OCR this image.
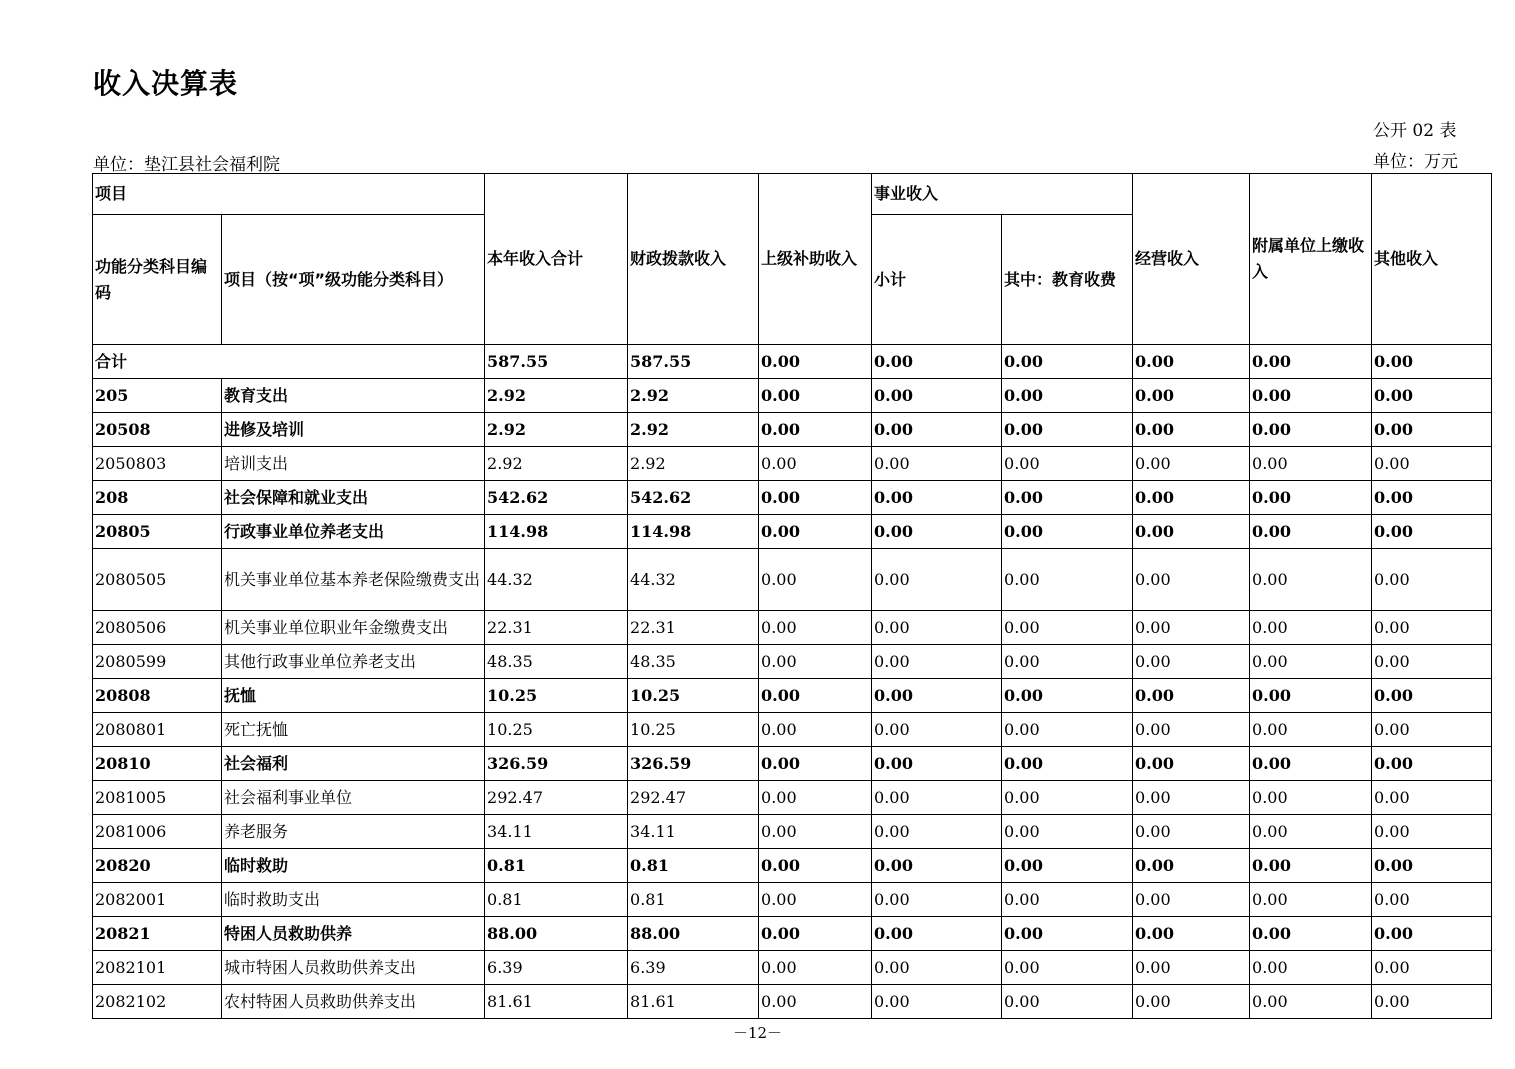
收入决算表
公开 02 表
单位：垫江县社会福利院	单位：万元
项目		本年收入合计	财政拨款收入	上级补助收入	事业收入		经营收入	附属单位上缴收入	其他收入
功能分类科目编码	项目（按“项”级功能分类科目）				小计	其中：教育收费			
合计		587.55	587.55	0.00	0.00	0.00	0.00	0.00	0.00
205	教育支出	2.92	2.92	0.00	0.00	0.00	0.00	0.00	0.00
20508	进修及培训	2.92	2.92	0.00	0.00	0.00	0.00	0.00	0.00
2050803	培训支出	2.92	2.92	0.00	0.00	0.00	0.00	0.00	0.00
208	社会保障和就业支出	542.62	542.62	0.00	0.00	0.00	0.00	0.00	0.00
20805	行政事业单位养老支出	114.98	114.98	0.00	0.00	0.00	0.00	0.00	0.00
2080505	机关事业单位基本养老保险缴费支出	44.32	44.32	0.00	0.00	0.00	0.00	0.00	0.00
2080506	机关事业单位职业年金缴费支出	22.31	22.31	0.00	0.00	0.00	0.00	0.00	0.00
2080599	其他行政事业单位养老支出	48.35	48.35	0.00	0.00	0.00	0.00	0.00	0.00
20808	抚恤	10.25	10.25	0.00	0.00	0.00	0.00	0.00	0.00
2080801	死亡抚恤	10.25	10.25	0.00	0.00	0.00	0.00	0.00	0.00
20810	社会福利	326.59	326.59	0.00	0.00	0.00	0.00	0.00	0.00
2081005	社会福利事业单位	292.47	292.47	0.00	0.00	0.00	0.00	0.00	0.00
2081006	养老服务	34.11	34.11	0.00	0.00	0.00	0.00	0.00	0.00
20820	临时救助	0.81	0.81	0.00	0.00	0.00	0.00	0.00	0.00
2082001	临时救助支出	0.81	0.81	0.00	0.00	0.00	0.00	0.00	0.00
20821	特困人员救助供养	88.00	88.00	0.00	0.00	0.00	0.00	0.00	0.00
2082101	城市特困人员救助供养支出	6.39	6.39	0.00	0.00	0.00	0.00	0.00	0.00
2082102	农村特困人员救助供养支出	81.61	81.61	0.00	0.00	0.00	0.00	0.00	0.00
－12－
